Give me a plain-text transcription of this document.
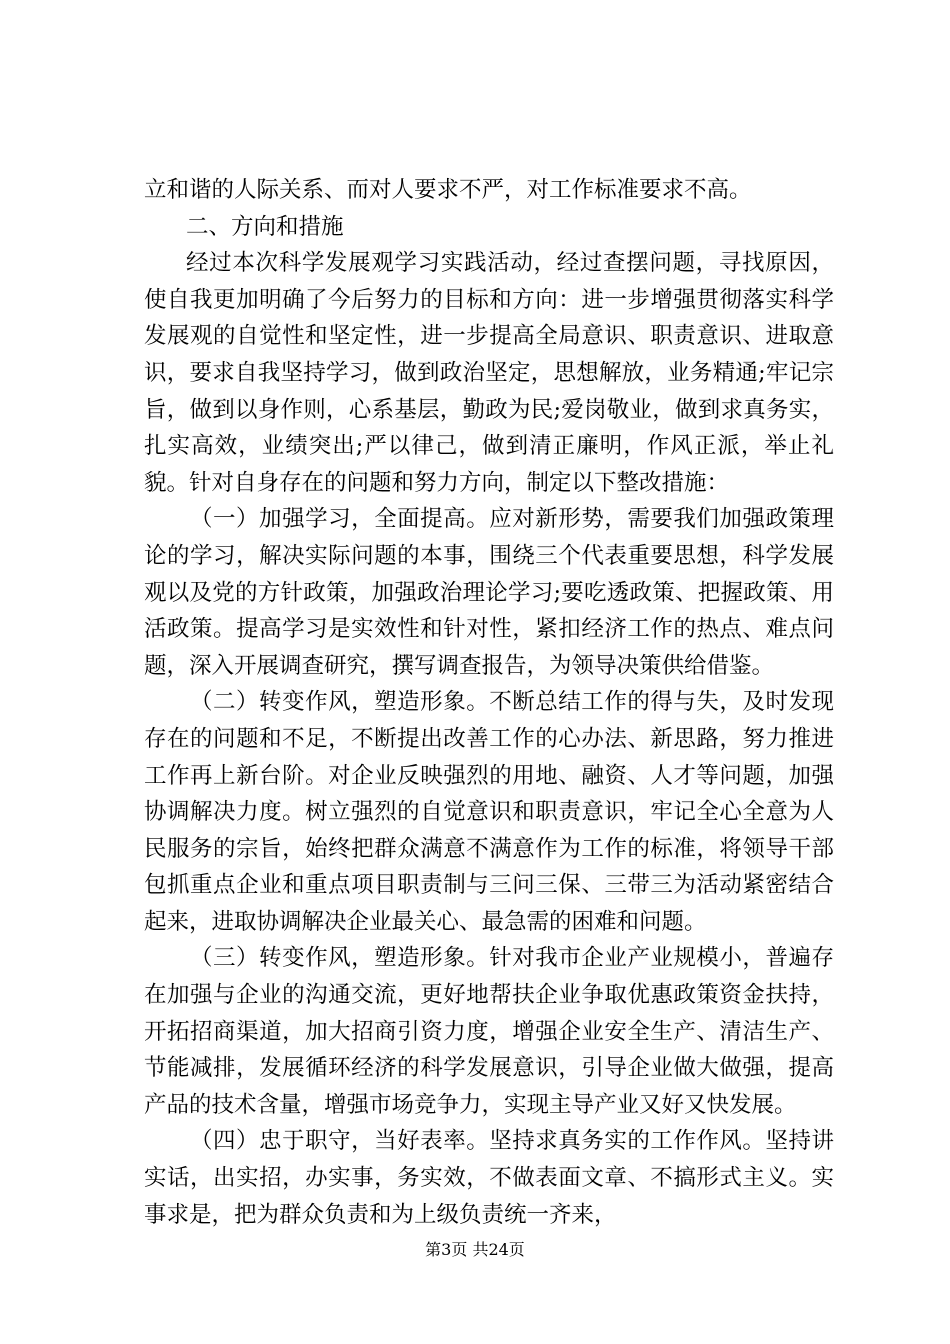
立和谐的人际关系、而对人要求不严，对工作标准要求不高。

二、方向和措施

经过本次科学发展观学习实践活动，经过查摆问题，寻找原因，使自我更加明确了今后努力的目标和方向：进一步增强贯彻落实科学发展观的自觉性和坚定性，进一步提高全局意识、职责意识、进取意识，要求自我坚持学习，做到政治坚定，思想解放，业务精通;牢记宗旨，做到以身作则，心系基层，勤政为民;爱岗敬业，做到求真务实，扎实高效，业绩突出;严以律己，做到清正廉明，作风正派，举止礼貌。针对自身存在的问题和努力方向，制定以下整改措施：

（一）加强学习，全面提高。应对新形势，需要我们加强政策理论的学习，解决实际问题的本事，围绕三个代表重要思想，科学发展观以及党的方针政策，加强政治理论学习;要吃透政策、把握政策、用活政策。提高学习是实效性和针对性，紧扣经济工作的热点、难点问题，深入开展调查研究，撰写调查报告，为领导决策供给借鉴。

（二）转变作风，塑造形象。不断总结工作的得与失，及时发现存在的问题和不足，不断提出改善工作的心办法、新思路，努力推进工作再上新台阶。对企业反映强烈的用地、融资、人才等问题，加强协调解决力度。树立强烈的自觉意识和职责意识，牢记全心全意为人民服务的宗旨，始终把群众满意不满意作为工作的标准，将领导干部包抓重点企业和重点项目职责制与三问三保、三带三为活动紧密结合起来，进取协调解决企业最关心、最急需的困难和问题。

（三）转变作风，塑造形象。针对我市企业产业规模小，普遍存在加强与企业的沟通交流，更好地帮扶企业争取优惠政策资金扶持，开拓招商渠道，加大招商引资力度，增强企业安全生产、清洁生产、节能减排，发展循环经济的科学发展意识，引导企业做大做强，提高产品的技术含量，增强市场竞争力，实现主导产业又好又快发展。

（四）忠于职守，当好表率。坚持求真务实的工作作风。坚持讲实话，出实招，办实事，务实效，不做表面文章、不搞形式主义。实事求是，把为群众负责和为上级负责统一齐来，

第3页 共24页
